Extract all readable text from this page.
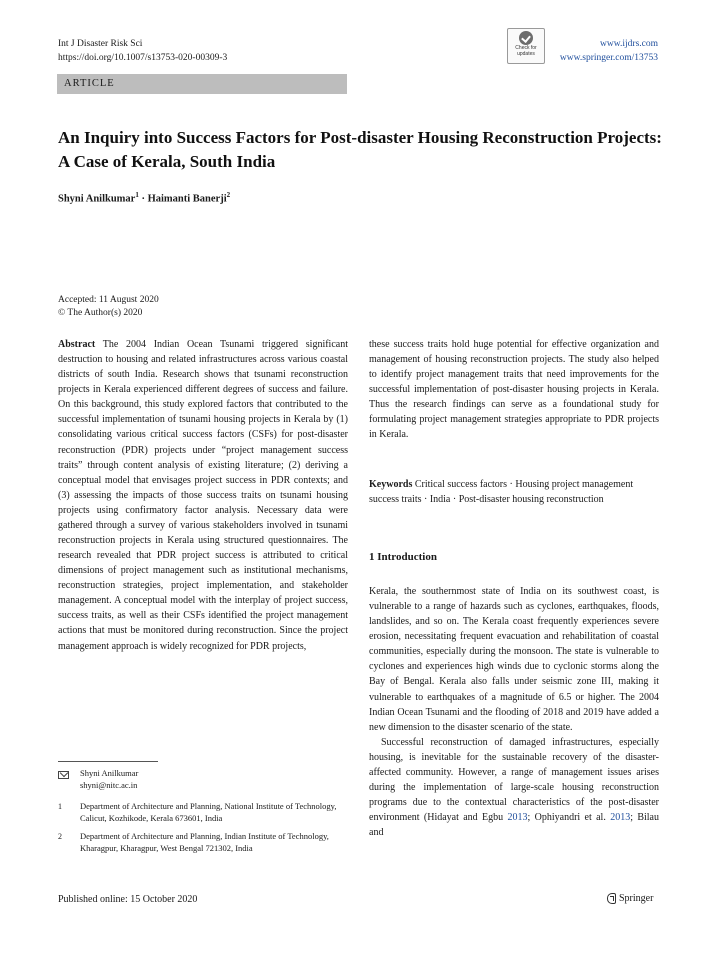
Int J Disaster Risk Sci
https://doi.org/10.1007/s13753-020-00309-3
Check for
updates
www.ijdrs.com
www.springer.com/13753
ARTICLE
An Inquiry into Success Factors for Post-disaster Housing Reconstruction Projects: A Case of Kerala, South India
Shyni Anilkumar$^1$ · Haimanti Banerji$^2$
Accepted: 11 August 2020
© The Author(s) 2020
Abstract The 2004 Indian Ocean Tsunami triggered significant destruction to housing and related infrastructures across various coastal districts of south India. Research shows that tsunami reconstruction projects in Kerala experienced different degrees of success and failure. On this background, this study explored factors that contributed to the successful implementation of tsunami housing projects in Kerala by (1) consolidating various critical success factors (CSFs) for post-disaster reconstruction (PDR) projects under “project management success traits” through content analysis of existing literature; (2) deriving a conceptual model that envisages project success in PDR contexts; and (3) assessing the impacts of those success traits on tsunami housing projects using confirmatory factor analysis. Necessary data were gathered through a survey of various stakeholders involved in tsunami reconstruction projects in Kerala using structured questionnaires. The research revealed that PDR project success is attributed to critical dimensions of project management such as institutional mechanisms, reconstruction strategies, project implementation, and stakeholder management. A conceptual model with the interplay of project success, success traits, as well as their CSFs identified the project management actions that must be monitored during reconstruction. Since the project management approach is widely recognized for PDR projects,
these success traits hold huge potential for effective organization and management of housing reconstruction projects. The study also helped to identify project management traits that need improvements for the successful implementation of post-disaster housing projects in Kerala. Thus the research findings can serve as a foundational study for formulating project management strategies appropriate to PDR projects in Kerala.
Keywords Critical success factors · Housing project management success traits · India · Post-disaster housing reconstruction
1 Introduction
Kerala, the southernmost state of India on its southwest coast, is vulnerable to a range of hazards such as cyclones, earthquakes, floods, landslides, and so on. The Kerala coast frequently experiences severe erosion, necessitating frequent evacuation and rehabilitation of coastal communities, especially during the monsoon. The state is vulnerable to cyclones and experiences high winds due to cyclonic storms along the Bay of Bengal. Kerala also falls under seismic zone III, making it vulnerable to earthquakes of a magnitude of 6.5 or higher. The 2004 Indian Ocean Tsunami and the flooding of 2018 and 2019 have added a new dimension to the disaster scenario of the state.
Successful reconstruction of damaged infrastructures, especially housing, is inevitable for the sustainable recovery of the disaster-affected community. However, a range of management issues arises during the implementation of large-scale housing reconstruction programs due to the contextual characteristics of the post-disaster environment (Hidayat and Egbu 2013; Ophiyandri et al. 2013; Bilau and
Shyni Anilkumar
shyni@nitc.ac.in
1	Department of Architecture and Planning, National Institute of Technology, Calicut, Kozhikode, Kerala 673601, India
2	Department of Architecture and Planning, Indian Institute of Technology, Kharagpur, Kharagpur, West Bengal 721302, India
Published online: 15 October 2020	Springer
